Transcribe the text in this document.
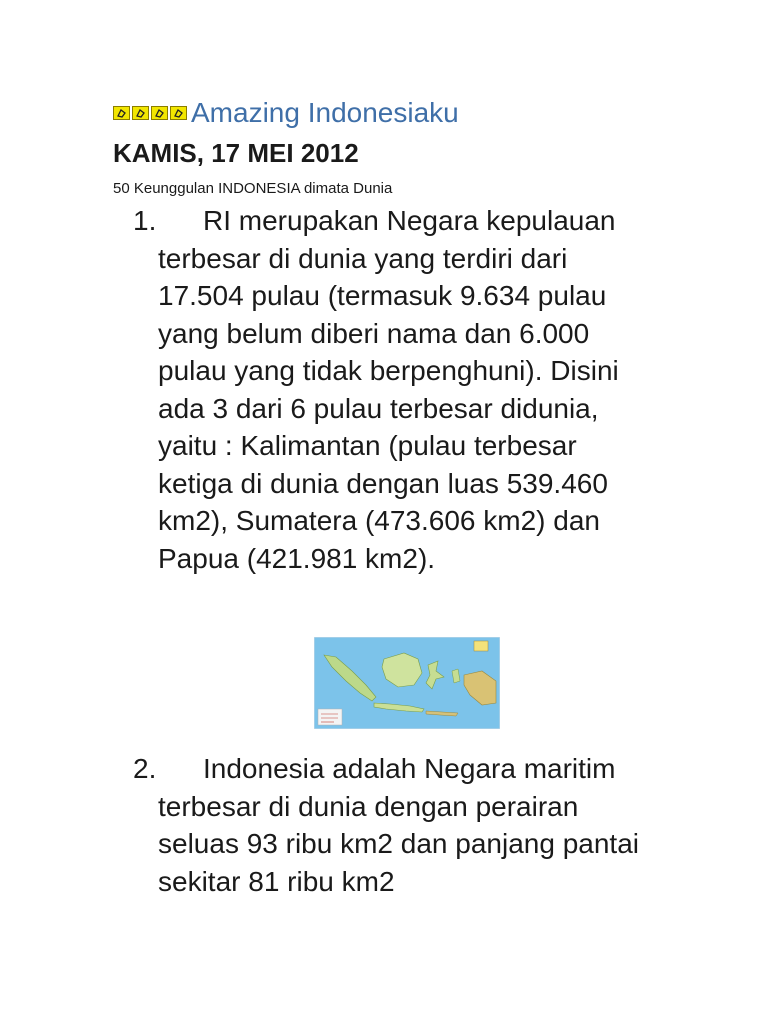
Amazing Indonesiaku
KAMIS, 17 MEI 2012
50 Keunggulan INDONESIA dimata Dunia
1.	RI merupakan Negara kepulauan terbesar di dunia yang terdiri dari 17.504 pulau (termasuk 9.634 pulau yang belum diberi nama dan 6.000 pulau yang tidak berpenghuni). Disini ada 3 dari 6 pulau terbesar didunia, yaitu : Kalimantan (pulau terbesar ketiga di dunia dengan luas 539.460 km2), Sumatera (473.606 km2) dan Papua (421.981 km2).
2.	Indonesia adalah Negara maritim terbesar di dunia dengan perairan seluas 93 ribu km2 dan panjang pantai sekitar 81 ribu km2
